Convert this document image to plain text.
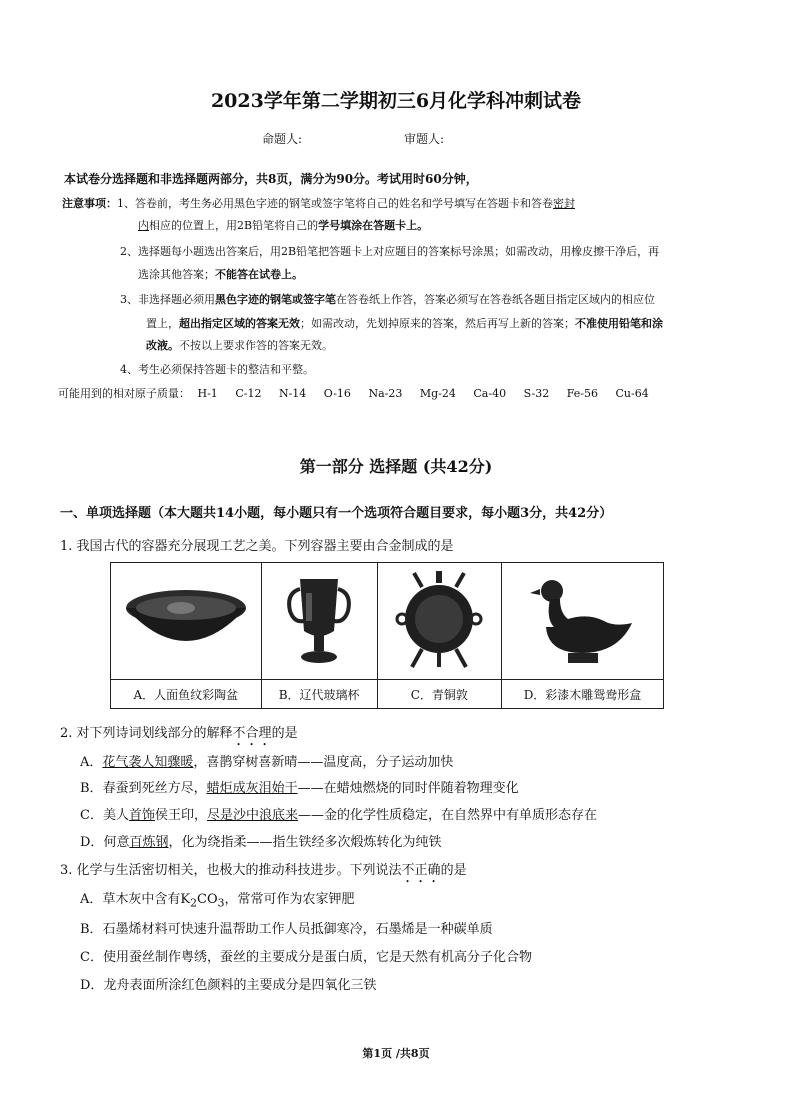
2023学年第二学期初三6月化学科冲刺试卷
命题人:	审题人:
本试卷分选择题和非选择题两部分，共8页，满分为90分。考试用时60分钟，
注意事项：1、答卷前，考生务必用黑色字迹的钢笔或签字笔将自己的姓名和学号填写在答题卡和答卷密封
内相应的位置上，用2B铅笔将自己的学号填涂在答题卡上。
2、选择题每小题选出答案后，用2B铅笔把答题卡上对应题目的答案标号涂黑；如需改动，用橡皮擦干净后，再
选涂其他答案；不能答在试卷上。
3、非选择题必须用黑色字迹的钢笔或签字笔在答卷纸上作答，答案必须写在答卷纸各题目指定区域内的相应位
置上，超出指定区域的答案无效；如需改动，先划掉原来的答案，然后再写上新的答案；不准使用铅笔和涂
改液。不按以上要求作答的答案无效。
4、考生必须保持答题卡的整洁和平整。
可能用到的相对原子质量： H-1 C-12 N-14 O-16 Na-23 Mg-24 Ca-40 S-32 Fe-56 Cu-64
第一部分 选择题 (共42分)
一、单项选择题（本大题共14小题，每小题只有一个选项符合题目要求，每小题3分，共42分）
1. 我国古代的容器充分展现工艺之美。下列容器主要由合金制成的是

A．人面鱼纹彩陶盆	B．辽代玻璃杯	C．青铜敦	D．彩漆木雕鸳鸯形盒
2. 对下列诗词划线部分的解释不合理的是
A．花气袭人知骤暖，喜鹊穿树喜新晴——温度高，分子运动加快
B．春蚕到死丝方尽，蜡炬成灰泪始干——在蜡烛燃烧的同时伴随着物理变化
C．美人首饰侯王印，尽是沙中浪底来——金的化学性质稳定，在自然界中有单质形态存在
D．何意百炼钢，化为绕指柔——指生铁经多次煅炼转化为纯铁
3. 化学与生活密切相关，也极大的推动科技进步。下列说法不正确的是
A．草木灰中含有$K_2CO_3$，常常可作为农家钾肥
B．石墨烯材料可快速升温帮助工作人员抵御寒冷，石墨烯是一种碳单质
C．使用蚕丝制作粤绣，蚕丝的主要成分是蛋白质，它是天然有机高分子化合物
D．龙舟表面所涂红色颜料的主要成分是四氧化三铁
第1页 /共8页
